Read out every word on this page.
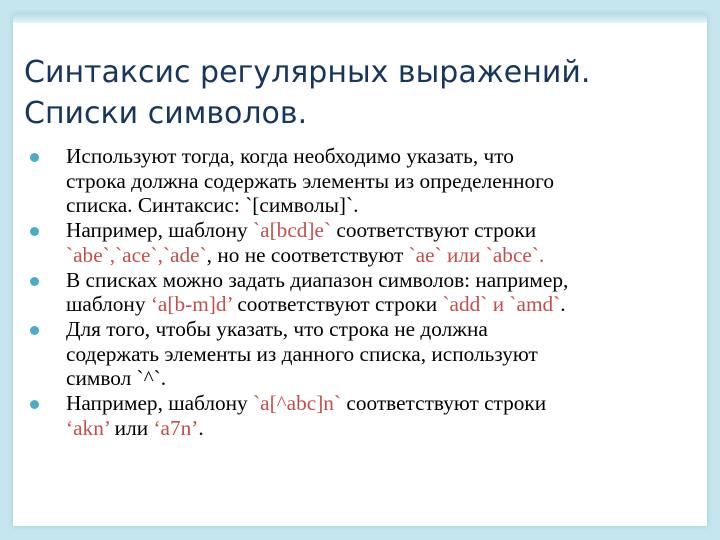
Синтаксис регулярных выражений.
Списки символов.
Используют тогда, когда необходимо указать, что
строка должна содержать элементы из определенного
списка. Синтаксис: `[символы]`.
Например, шаблону `a[bcd]e` соответствуют строки
`abe`,`ace`,`ade`, но не соответствуют `ae` или `abce`.
В списках можно задать диапазон символов: например,
шаблону ‘a[b-m]d’ соответствуют строки `add` и `amd`.
Для того, чтобы указать, что строка не должна
содержать элементы из данного списка, используют
символ `^`.
Например, шаблону `a[^abc]n` соответствуют строки
‘akn’ или ‘a7n’.
